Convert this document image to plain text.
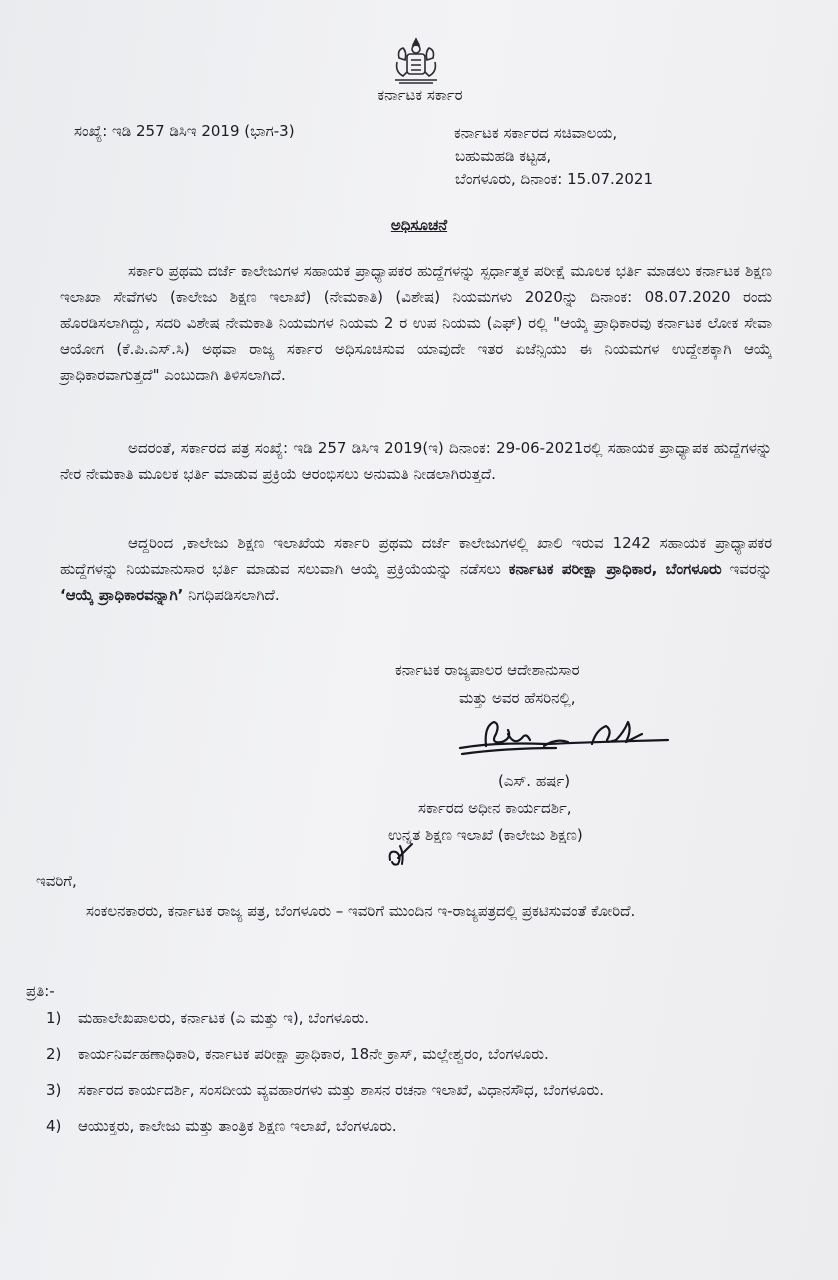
ಕರ್ನಾಟಕ ಸರ್ಕಾರ
ಸಂಖ್ಯೆ: ಇಡಿ 257 ಡಿಸಿಇ 2019 (ಭಾಗ-3)	ಕರ್ನಾಟಕ ಸರ್ಕಾರದ ಸಚಿವಾಲಯ,
ಬಹುಮಹಡಿ ಕಟ್ಟಡ,
ಬೆಂಗಳೂರು, ದಿನಾಂಕ: 15.07.2021
ಅಧಿಸೂಚನೆ
ಸರ್ಕಾರಿ ಪ್ರಥಮ ದರ್ಜೆ ಕಾಲೇಜುಗಳ ಸಹಾಯಕ ಪ್ರಾಧ್ಯಾಪಕರ ಹುದ್ದೆಗಳನ್ನು ಸ್ಪರ್ಧಾತ್ಮಕ ಪರೀಕ್ಷೆ ಮೂಲಕ ಭರ್ತಿ ಮಾಡಲು ಕರ್ನಾಟಕ ಶಿಕ್ಷಣ ಇಲಾಖಾ ಸೇವೆಗಳು (ಕಾಲೇಜು ಶಿಕ್ಷಣ ಇಲಾಖೆ) (ನೇಮಕಾತಿ) (ವಿಶೇಷ) ನಿಯಮಗಳು 2020ನ್ನು ದಿನಾಂಕ: 08.07.2020 ರಂದು ಹೊರಡಿಸಲಾಗಿದ್ದು, ಸದರಿ ವಿಶೇಷ ನೇಮಕಾತಿ ನಿಯಮಗಳ ನಿಯಮ 2 ರ ಉಪ ನಿಯಮ (ಎಫ್) ರಲ್ಲಿ "ಆಯ್ಕೆ ಪ್ರಾಧಿಕಾರವು ಕರ್ನಾಟಕ ಲೋಕ ಸೇವಾ ಆಯೋಗ (ಕೆ.ಪಿ.ಎಸ್.ಸಿ) ಅಥವಾ ರಾಜ್ಯ ಸರ್ಕಾರ ಅಧಿಸೂಚಿಸುವ ಯಾವುದೇ ಇತರ ಏಜೆನ್ಸಿಯು ಈ ನಿಯಮಗಳ ಉದ್ದೇಶಕ್ಕಾಗಿ ಆಯ್ಕೆ ಪ್ರಾಧಿಕಾರವಾಗುತ್ತದೆ" ಎಂಬುದಾಗಿ ತಿಳಿಸಲಾಗಿದೆ.
ಅದರಂತೆ, ಸರ್ಕಾರದ ಪತ್ರ ಸಂಖ್ಯೆ: ಇಡಿ 257 ಡಿಸಿಇ 2019(ಇ) ದಿನಾಂಕ: 29-06-2021ರಲ್ಲಿ ಸಹಾಯಕ ಪ್ರಾಧ್ಯಾಪಕ ಹುದ್ದೆಗಳನ್ನು ನೇರ ನೇಮಕಾತಿ ಮೂಲಕ ಭರ್ತಿ ಮಾಡುವ ಪ್ರಕ್ರಿಯೆ ಆರಂಭಿಸಲು ಅನುಮತಿ ನೀಡಲಾಗಿರುತ್ತದೆ.
ಆದ್ದರಿಂದ ,ಕಾಲೇಜು ಶಿಕ್ಷಣ ಇಲಾಖೆಯ ಸರ್ಕಾರಿ ಪ್ರಥಮ ದರ್ಜೆ ಕಾಲೇಜುಗಳಲ್ಲಿ ಖಾಲಿ ಇರುವ 1242 ಸಹಾಯಕ ಪ್ರಾಧ್ಯಾಪಕರ ಹುದ್ದೆಗಳನ್ನು ನಿಯಮಾನುಸಾರ ಭರ್ತಿ ಮಾಡುವ ಸಲುವಾಗಿ ಆಯ್ಕೆ ಪ್ರಕ್ರಿಯೆಯನ್ನು ನಡೆಸಲು ಕರ್ನಾಟಕ ಪರೀಕ್ಷಾ ಪ್ರಾಧಿಕಾರ, ಬೆಂಗಳೂರು ಇವರನ್ನು ‘ಆಯ್ಕೆ ಪ್ರಾಧಿಕಾರವನ್ನಾಗಿ’ ನಿಗಧಿಪಡಿಸಲಾಗಿದೆ.
ಕರ್ನಾಟಕ ರಾಜ್ಯಪಾಲರ ಆದೇಶಾನುಸಾರ
ಮತ್ತು ಅವರ ಹೆಸರಿನಲ್ಲಿ,
(ಎಸ್. ಹರ್ಷ)
ಸರ್ಕಾರದ ಅಧೀನ ಕಾರ್ಯದರ್ಶಿ,
ಉನ್ನತ ಶಿಕ್ಷಣ ಇಲಾಖೆ (ಕಾಲೇಜು ಶಿಕ್ಷಣ)
ಇವರಿಗೆ,
ಸಂಕಲನಕಾರರು, ಕರ್ನಾಟಕ ರಾಜ್ಯ ಪತ್ರ, ಬೆಂಗಳೂರು – ಇವರಿಗೆ ಮುಂದಿನ ಇ-ರಾಜ್ಯಪತ್ರದಲ್ಲಿ ಪ್ರಕಟಿಸುವಂತೆ ಕೋರಿದೆ.
ಪ್ರತಿ:-
1)	ಮಹಾಲೇಖಪಾಲರು, ಕರ್ನಾಟಕ (ಎ ಮತ್ತು ಇ), ಬೆಂಗಳೂರು.
2)	ಕಾರ್ಯನಿರ್ವಹಣಾಧಿಕಾರಿ, ಕರ್ನಾಟಕ ಪರೀಕ್ಷಾ ಪ್ರಾಧಿಕಾರ, 18ನೇ ಕ್ರಾಸ್, ಮಲ್ಲೇಶ್ವರಂ, ಬೆಂಗಳೂರು.
3)	ಸರ್ಕಾರದ ಕಾರ್ಯದರ್ಶಿ, ಸಂಸದೀಯ ವ್ಯವಹಾರಗಳು ಮತ್ತು ಶಾಸನ ರಚನಾ ಇಲಾಖೆ, ವಿಧಾನಸೌಧ, ಬೆಂಗಳೂರು.
4)	ಆಯುಕ್ತರು, ಕಾಲೇಜು ಮತ್ತು ತಾಂತ್ರಿಕ ಶಿಕ್ಷಣ ಇಲಾಖೆ, ಬೆಂಗಳೂರು.
